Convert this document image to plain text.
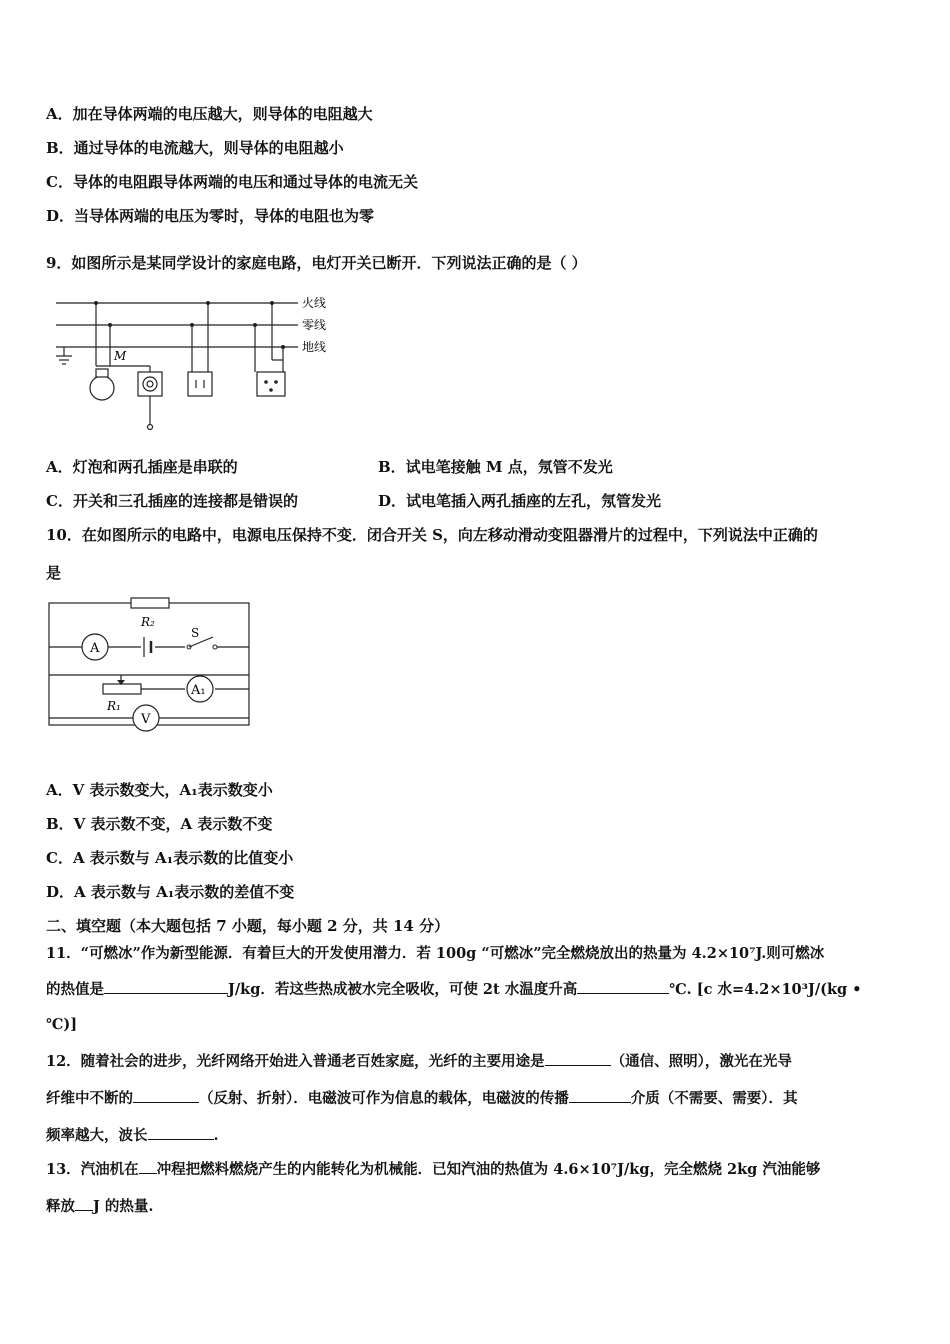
A．加在导体两端的电压越大，则导体的电阻越大
B．通过导体的电流越大，则导体的电阻越小
C．导体的电阻跟导体两端的电压和通过导体的电流无关
D．当导体两端的电压为零时，导体的电阻也为零
9．如图所示是某同学设计的家庭电路，电灯开关已断开．下列说法正确的是（ ）
火线
零线
地线
M
A．灯泡和两孔插座是串联的	B．试电笔接触 M 点，氖管不发光
C．开关和三孔插座的连接都是错误的	D．试电笔插入两孔插座的左孔，氖管发光
10．在如图所示的电路中，电源电压保持不变．闭合开关 S，向左移动滑动变阻器滑片的过程中，下列说法中正确的
是
R₂
A
S
R₁
A₁
V
A．V 表示数变大，A₁表示数变小
B．V 表示数不变，A 表示数不变
C．A 表示数与 A₁表示数的比值变小
D．A 表示数与 A₁表示数的差值不变
二、填空题（本大题包括 7 小题，每小题 2 分，共 14 分）
11．“可燃冰”作为新型能源．有着巨大的开发使用潜力．若 100g “可燃冰”完全燃烧放出的热量为 4.2×10⁷J.则可燃冰
的热值是	J/kg．若这些热成被水完全吸收，可使 2t 水温度升高	℃. [c 水=4.2×10³J/(kg •
℃)]
12．随着社会的进步，光纤网络开始进入普通老百姓家庭，光纤的主要用途是	（通信、照明），激光在光导
纤维中不断的	（反射、折射）．电磁波可作为信息的载体，电磁波的传播	介质（不需要、需要）．其
频率越大，波长	.
13．汽油机在 冲程把燃料燃烧产生的内能转化为机械能．已知汽油的热值为 4.6×10⁷J/kg，完全燃烧 2kg 汽油能够
释放 J 的热量.
